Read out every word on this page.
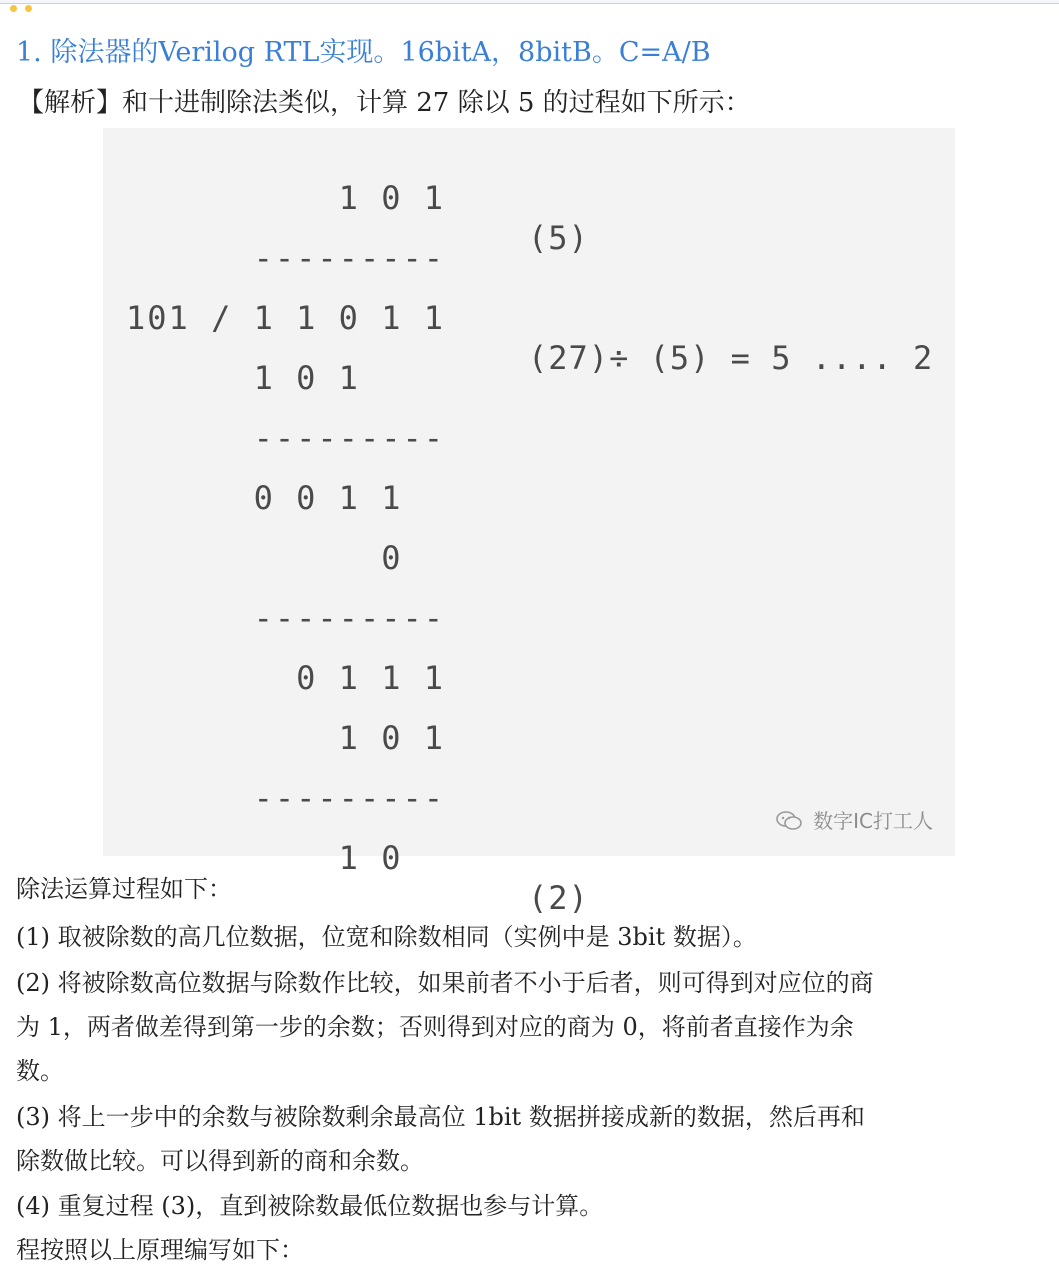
1. 除法器的Verilog RTL实现。16bitA，8bitB。C=A/B
【解析】和十进制除法类似，计算 27 除以 5 的过程如下所示：

1 0 1

(5)

---------

101 / 1 1 0 1 1

(27)÷ (5) = 5 .... 2

1 0 1

---------

0 0 1 1

0

---------

0 1 1 1

1 0 1

---------

1 0

(2)

数字IC打工人
除法运算过程如下：
(1) 取被除数的高几位数据，位宽和除数相同（实例中是 3bit 数据）。
(2) 将被除数高位数据与除数作比较，如果前者不小于后者，则可得到对应位的商
为 1，两者做差得到第一步的余数；否则得到对应的商为 0，将前者直接作为余
数。
(3) 将上一步中的余数与被除数剩余最高位 1bit 数据拼接成新的数据，然后再和
除数做比较。可以得到新的商和余数。
(4) 重复过程 (3)，直到被除数最低位数据也参与计算。
程按照以上原理编写如下：
